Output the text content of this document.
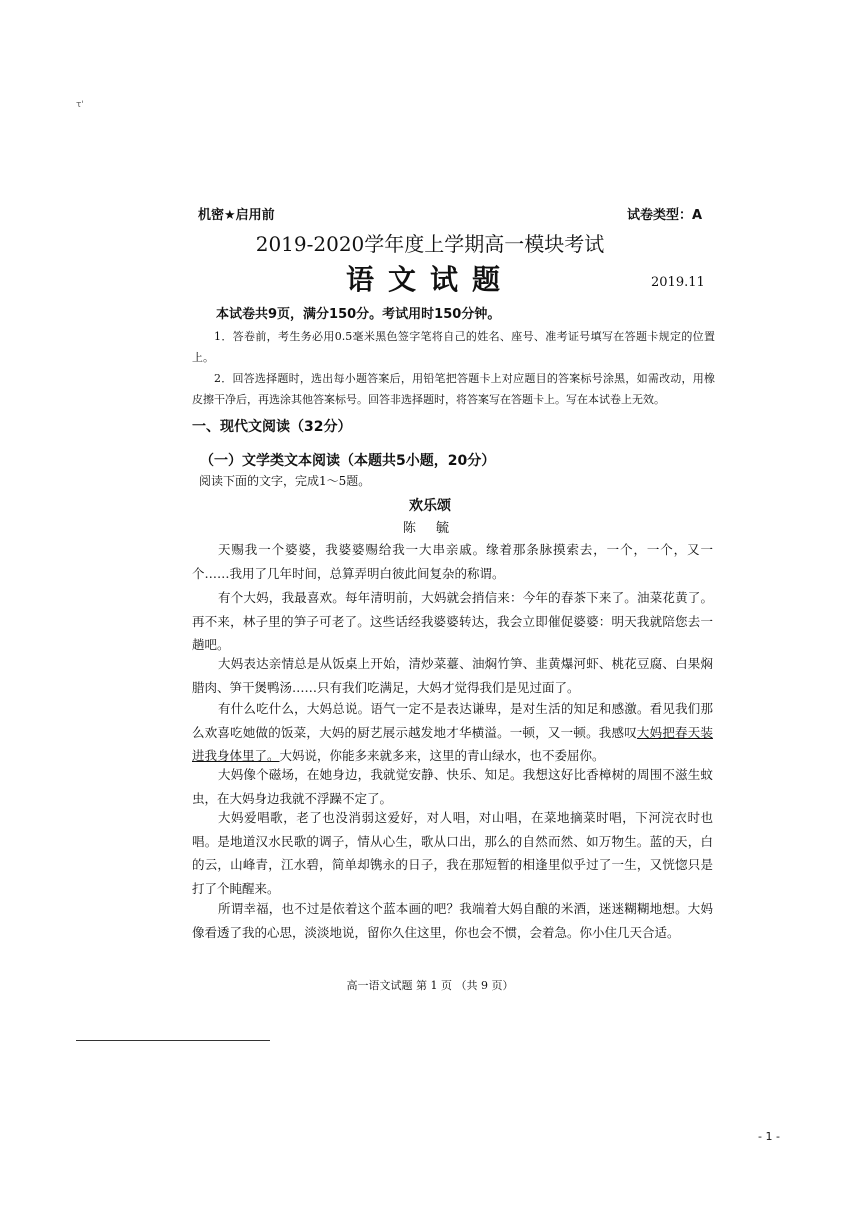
τ'
机密★启用前	试卷类型：A
2019-2020学年度上学期高一模块考试
语文试题	2019.11
本试卷共9页，满分150分。考试用时150分钟。

1．答卷前，考生务必用0.5毫米黑色签字笔将自己的姓名、座号、准考证号填写在答题卡规定的位置上。

2．回答选择题时，选出每小题答案后，用铅笔把答题卡上对应题目的答案标号涂黑，如需改动，用橡皮擦干净后，再选涂其他答案标号。回答非选择题时，将答案写在答题卡上。写在本试卷上无效。

一、现代文阅读（32分）
（一）文学类文本阅读（本题共5小题，20分）
阅读下面的文字，完成1～5题。
欢乐颂
陈 毓

天赐我一个婆婆，我婆婆赐给我一大串亲戚。缘着那条脉摸索去，一个，一个，又一个……我用了几年时间，总算弄明白彼此间复杂的称谓。

有个大妈，我最喜欢。每年清明前，大妈就会捎信来：今年的春茶下来了。油菜花黄了。再不来，林子里的笋子可老了。这些话经我婆婆转达，我会立即催促婆婆：明天我就陪您去一趟吧。

大妈表达亲情总是从饭桌上开始，清炒菜薹、油焖竹笋、韭黄爆河虾、桃花豆腐、白果焖腊肉、笋干煲鸭汤……只有我们吃满足，大妈才觉得我们是见过面了。

有什么吃什么，大妈总说。语气一定不是表达谦卑，是对生活的知足和感激。看见我们那么欢喜吃她做的饭菜，大妈的厨艺展示越发地才华横溢。一顿，又一顿。我感叹大妈把春天装进我身体里了。大妈说，你能多来就多来，这里的青山绿水，也不委屈你。

大妈像个磁场，在她身边，我就觉安静、快乐、知足。我想这好比香樟树的周围不滋生蚊虫，在大妈身边我就不浮躁不定了。

大妈爱唱歌，老了也没消弱这爱好，对人唱，对山唱，在菜地摘菜时唱，下河浣衣时也唱。是地道汉水民歌的调子，情从心生，歌从口出，那么的自然而然、如万物生。蓝的天，白的云，山峰青，江水碧，简单却镌永的日子，我在那短暂的相逢里似乎过了一生，又恍惚只是打了个盹醒来。

所谓幸福，也不过是依着这个蓝本画的吧？我端着大妈自酿的米酒，迷迷糊糊地想。大妈像看透了我的心思，淡淡地说，留你久住这里，你也会不惯，会着急。你小住几天合适。

高一语文试题 第 1 页 （共 9 页）
- 1 -
